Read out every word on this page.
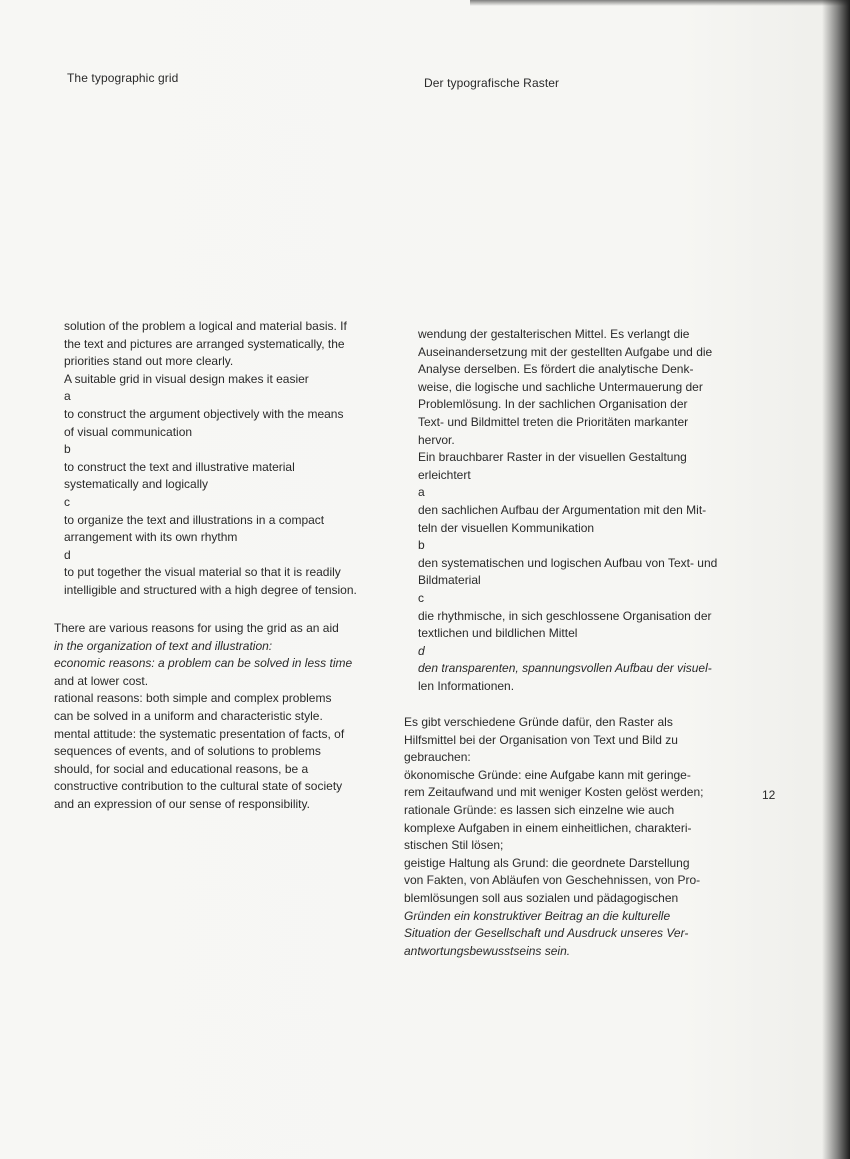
The typographic grid	Der typografische Raster
solution of the problem a logical and material basis. If
the text and pictures are arranged systematically, the
priorities stand out more clearly.
A suitable grid in visual design makes it easier
a
to construct the argument objectively with the means
of visual communication
b
to construct the text and illustrative material
systematically and logically
c
to organize the text and illustrations in a compact
arrangement with its own rhythm
d
to put together the visual material so that it is readily
intelligible and structured with a high degree of tension.
There are various reasons for using the grid as an aid
in the organization of text and illustration:
economic reasons: a problem can be solved in less time
and at lower cost.
rational reasons: both simple and complex problems
can be solved in a uniform and characteristic style.
mental attitude: the systematic presentation of facts, of
sequences of events, and of solutions to problems
should, for social and educational reasons, be a
constructive contribution to the cultural state of society
and an expression of our sense of responsibility.
wendung der gestalterischen Mittel. Es verlangt die
Auseinandersetzung mit der gestellten Aufgabe und die
Analyse derselben. Es fördert die analytische Denk-
weise, die logische und sachliche Untermauerung der
Problemlösung. In der sachlichen Organisation der
Text- und Bildmittel treten die Prioritäten markanter
hervor.
Ein brauchbarer Raster in der visuellen Gestaltung
erleichtert
a
den sachlichen Aufbau der Argumentation mit den Mit-
teln der visuellen Kommunikation
b
den systematischen und logischen Aufbau von Text- und
Bildmaterial
c
die rhythmische, in sich geschlossene Organisation der
textlichen und bildlichen Mittel
d
den transparenten, spannungsvollen Aufbau der visuel-
len Informationen.
Es gibt verschiedene Gründe dafür, den Raster als
Hilfsmittel bei der Organisation von Text und Bild zu
gebrauchen:
ökonomische Gründe: eine Aufgabe kann mit geringe-
rem Zeitaufwand und mit weniger Kosten gelöst werden;
rationale Gründe: es lassen sich einzelne wie auch
komplexe Aufgaben in einem einheitlichen, charakteri-
stischen Stil lösen;
geistige Haltung als Grund: die geordnete Darstellung
von Fakten, von Abläufen von Geschehnissen, von Pro-
blemlösungen soll aus sozialen und pädagogischen
Gründen ein konstruktiver Beitrag an die kulturelle
Situation der Gesellschaft und Ausdruck unseres Ver-
antwortungsbewusstseins sein.
12
